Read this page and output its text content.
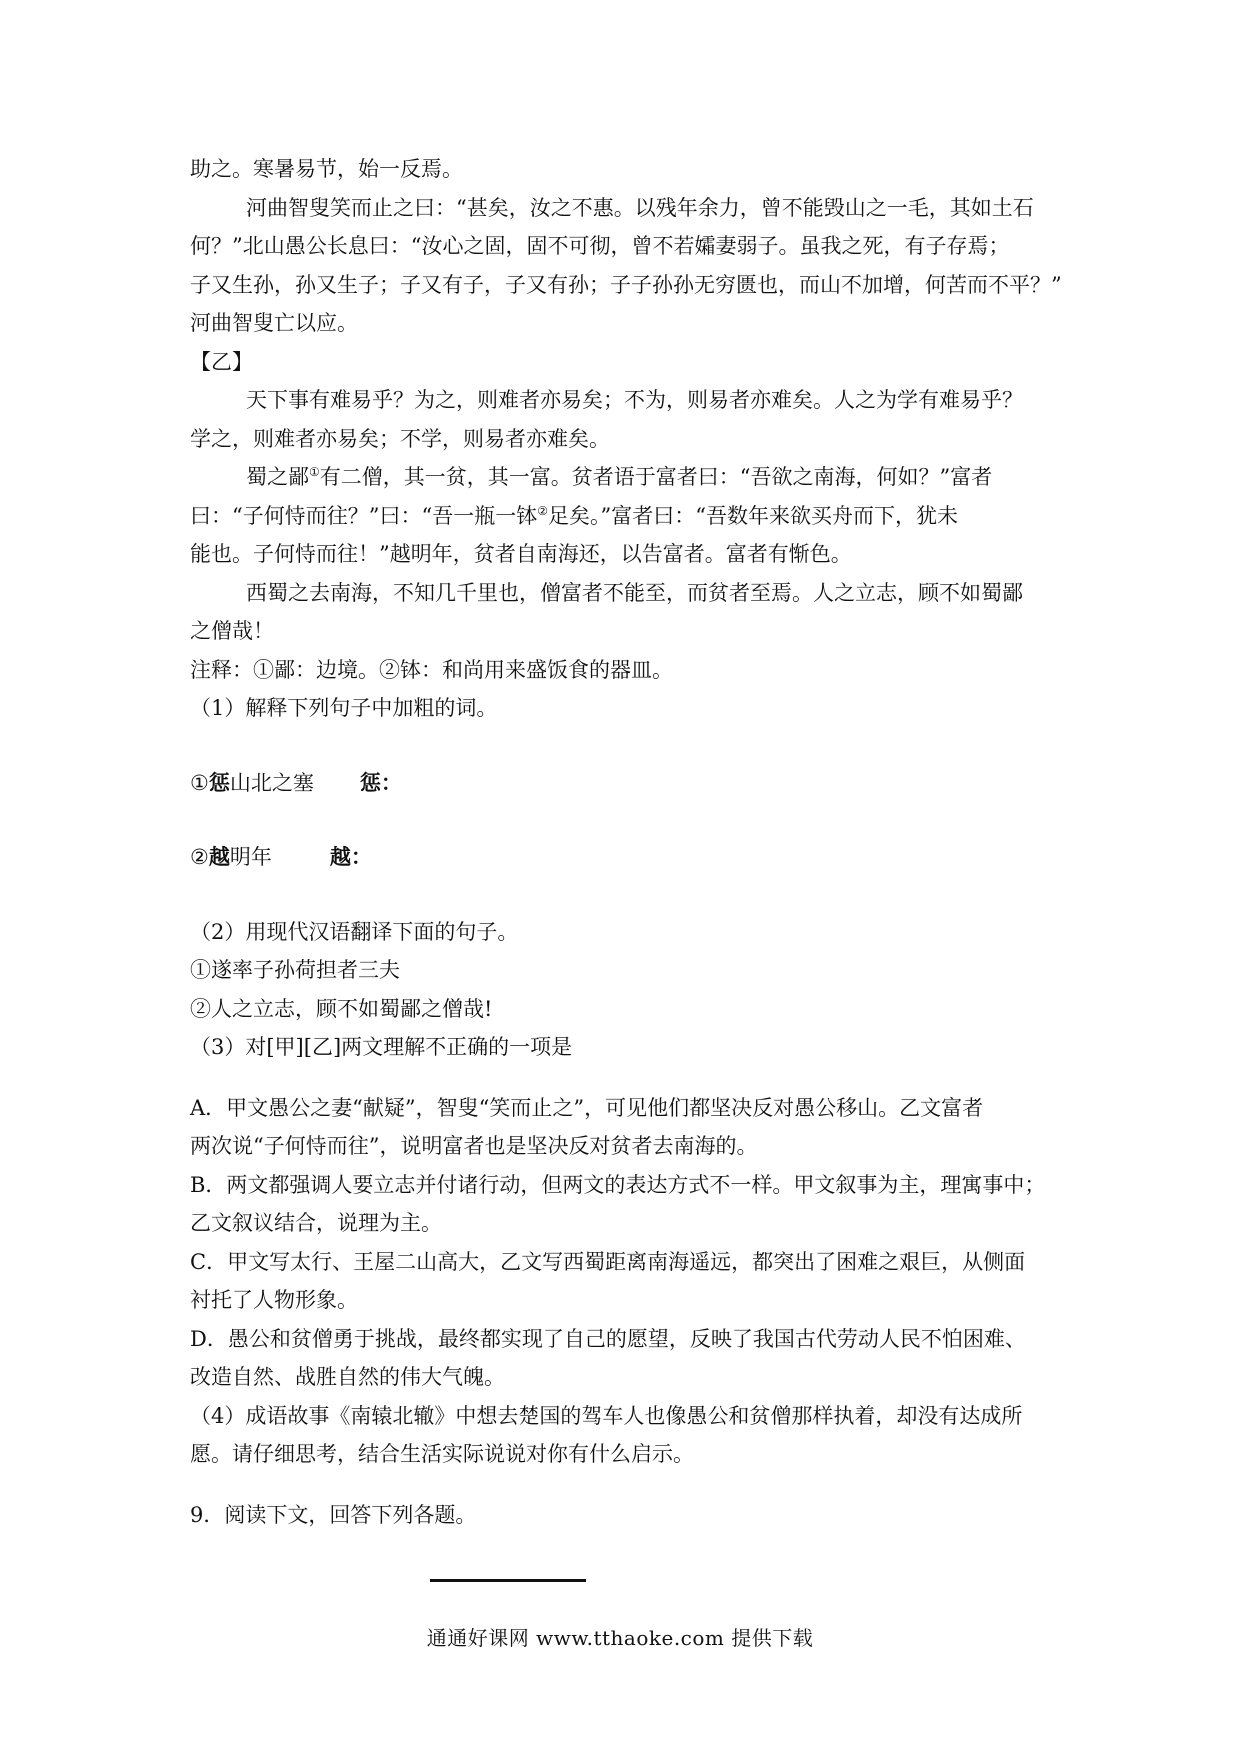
助之。寒暑易节，始一反焉。
河曲智叟笑而止之曰：“甚矣，汝之不惠。以残年余力，曾不能毁山之一毛，其如土石
何？”北山愚公长息曰：“汝心之固，固不可彻，曾不若孀妻弱子。虽我之死，有子存焉；
子又生孙，孙又生子；子又有子，子又有孙；子子孙孙无穷匮也，而山不加增，何苦而不平？”
河曲智叟亡以应。
【乙】
天下事有难易乎？为之，则难者亦易矣；不为，则易者亦难矣。人之为学有难易乎？
学之，则难者亦易矣；不学，则易者亦难矣。
蜀之鄙①有二僧，其一贫，其一富。贫者语于富者曰：“吾欲之南海，何如？”富者
曰：“子何恃而往？”曰：“吾一瓶一钵②足矣。”富者曰：“吾数年来欲买舟而下，犹未
能也。子何恃而往！”越明年，贫者自南海还，以告富者。富者有惭色。
西蜀之去南海，不知几千里也，僧富者不能至，而贫者至焉。人之立志，顾不如蜀鄙
之僧哉！
注释：①鄙：边境。②钵：和尚用来盛饭食的器皿。
（1）解释下列句子中加粗的词。
① 惩 山北之塞 惩：
② 越 明年	越：
（2）用现代汉语翻译下面的句子。
①遂率子孙荷担者三夫
②人之立志，顾不如蜀鄙之僧哉!
（3）对[甲][乙]两文理解不正确的一项是
A．甲文愚公之妻“献疑”，智叟“笑而止之”，可见他们都坚决反对愚公移山。乙文富者
两次说“子何恃而往”，说明富者也是坚决反对贫者去南海的。
B．两文都强调人要立志并付诸行动，但两文的表达方式不一样。甲文叙事为主，理寓事中；
乙文叙议结合，说理为主。
C．甲文写太行、王屋二山高大，乙文写西蜀距离南海遥远，都突出了困难之艰巨，从侧面
衬托了人物形象。
D．愚公和贫僧勇于挑战，最终都实现了自己的愿望，反映了我国古代劳动人民不怕困难、
改造自然、战胜自然的伟大气魄。
（4）成语故事《南辕北辙》中想去楚国的驾车人也像愚公和贫僧那样执着，却没有达成所
愿。请仔细思考，结合生活实际说说对你有什么启示。
9．阅读下文，回答下列各题。
通通好课网 www.tthaoke.com 提供下载
